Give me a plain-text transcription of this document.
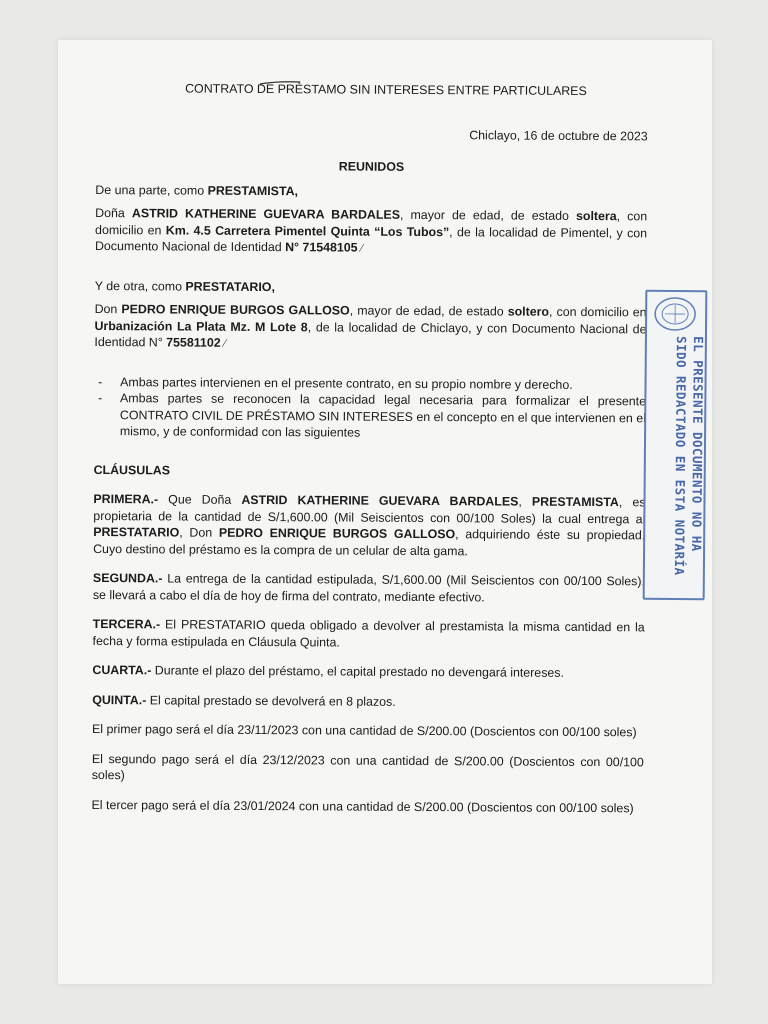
CONTRATO DE PRÉSTAMO SIN INTERESES ENTRE PARTICULARES

Chiclayo, 16 de octubre de 2023

REUNIDOS

De una parte, como PRESTAMISTA,

Doña ASTRID KATHERINE GUEVARA BARDALES, mayor de edad, de estado soltera, con domicilio en Km. 4.5 Carretera Pimentel Quinta “Los Tubos”, de la localidad de Pimentel, y con Documento Nacional de Identidad N° 71548105 ⁄

Y de otra, como PRESTATARIO,

Don PEDRO ENRIQUE BURGOS GALLOSO, mayor de edad, de estado soltero, con domicilio en Urbanización La Plata Mz. M Lote 8, de la localidad de Chiclayo, y con Documento Nacional de Identidad N° 75581102 ⁄

- Ambas partes intervienen en el presente contrato, en su propio nombre y derecho.
- Ambas partes se reconocen la capacidad legal necesaria para formalizar el presente CONTRATO CIVIL DE PRÉSTAMO SIN INTERESES en el concepto en el que intervienen en el mismo, y de conformidad con las siguientes

CLÁUSULAS

PRIMERA.- Que Doña ASTRID KATHERINE GUEVARA BARDALES, PRESTAMISTA, es propietaria de la cantidad de S/1,600.00 (Mil Seiscientos con 00/100 Soles) la cual entrega al PRESTATARIO, Don PEDRO ENRIQUE BURGOS GALLOSO, adquiriendo éste su propiedad. Cuyo destino del préstamo es la compra de un celular de alta gama.

SEGUNDA.- La entrega de la cantidad estipulada, S/1,600.00 (Mil Seiscientos con 00/100 Soles), se llevará a cabo el día de hoy de firma del contrato, mediante efectivo.

TERCERA.- El PRESTATARIO queda obligado a devolver al prestamista la misma cantidad en la fecha y forma estipulada en Cláusula Quinta.

CUARTA.- Durante el plazo del préstamo, el capital prestado no devengará intereses.

QUINTA.- El capital prestado se devolverá en 8 plazos.

El primer pago será el día 23/11/2023 con una cantidad de S/200.00 (Doscientos con 00/100 soles)

El segundo pago será el día 23/12/2023 con una cantidad de S/200.00 (Doscientos con 00/100 soles)

El tercer pago será el día 23/01/2024 con una cantidad de S/200.00 (Doscientos con 00/100 soles)

EL PRESENTE DOCUMENTO NO HA
SIDO REDACTADO EN ESTA NOTARÍA
